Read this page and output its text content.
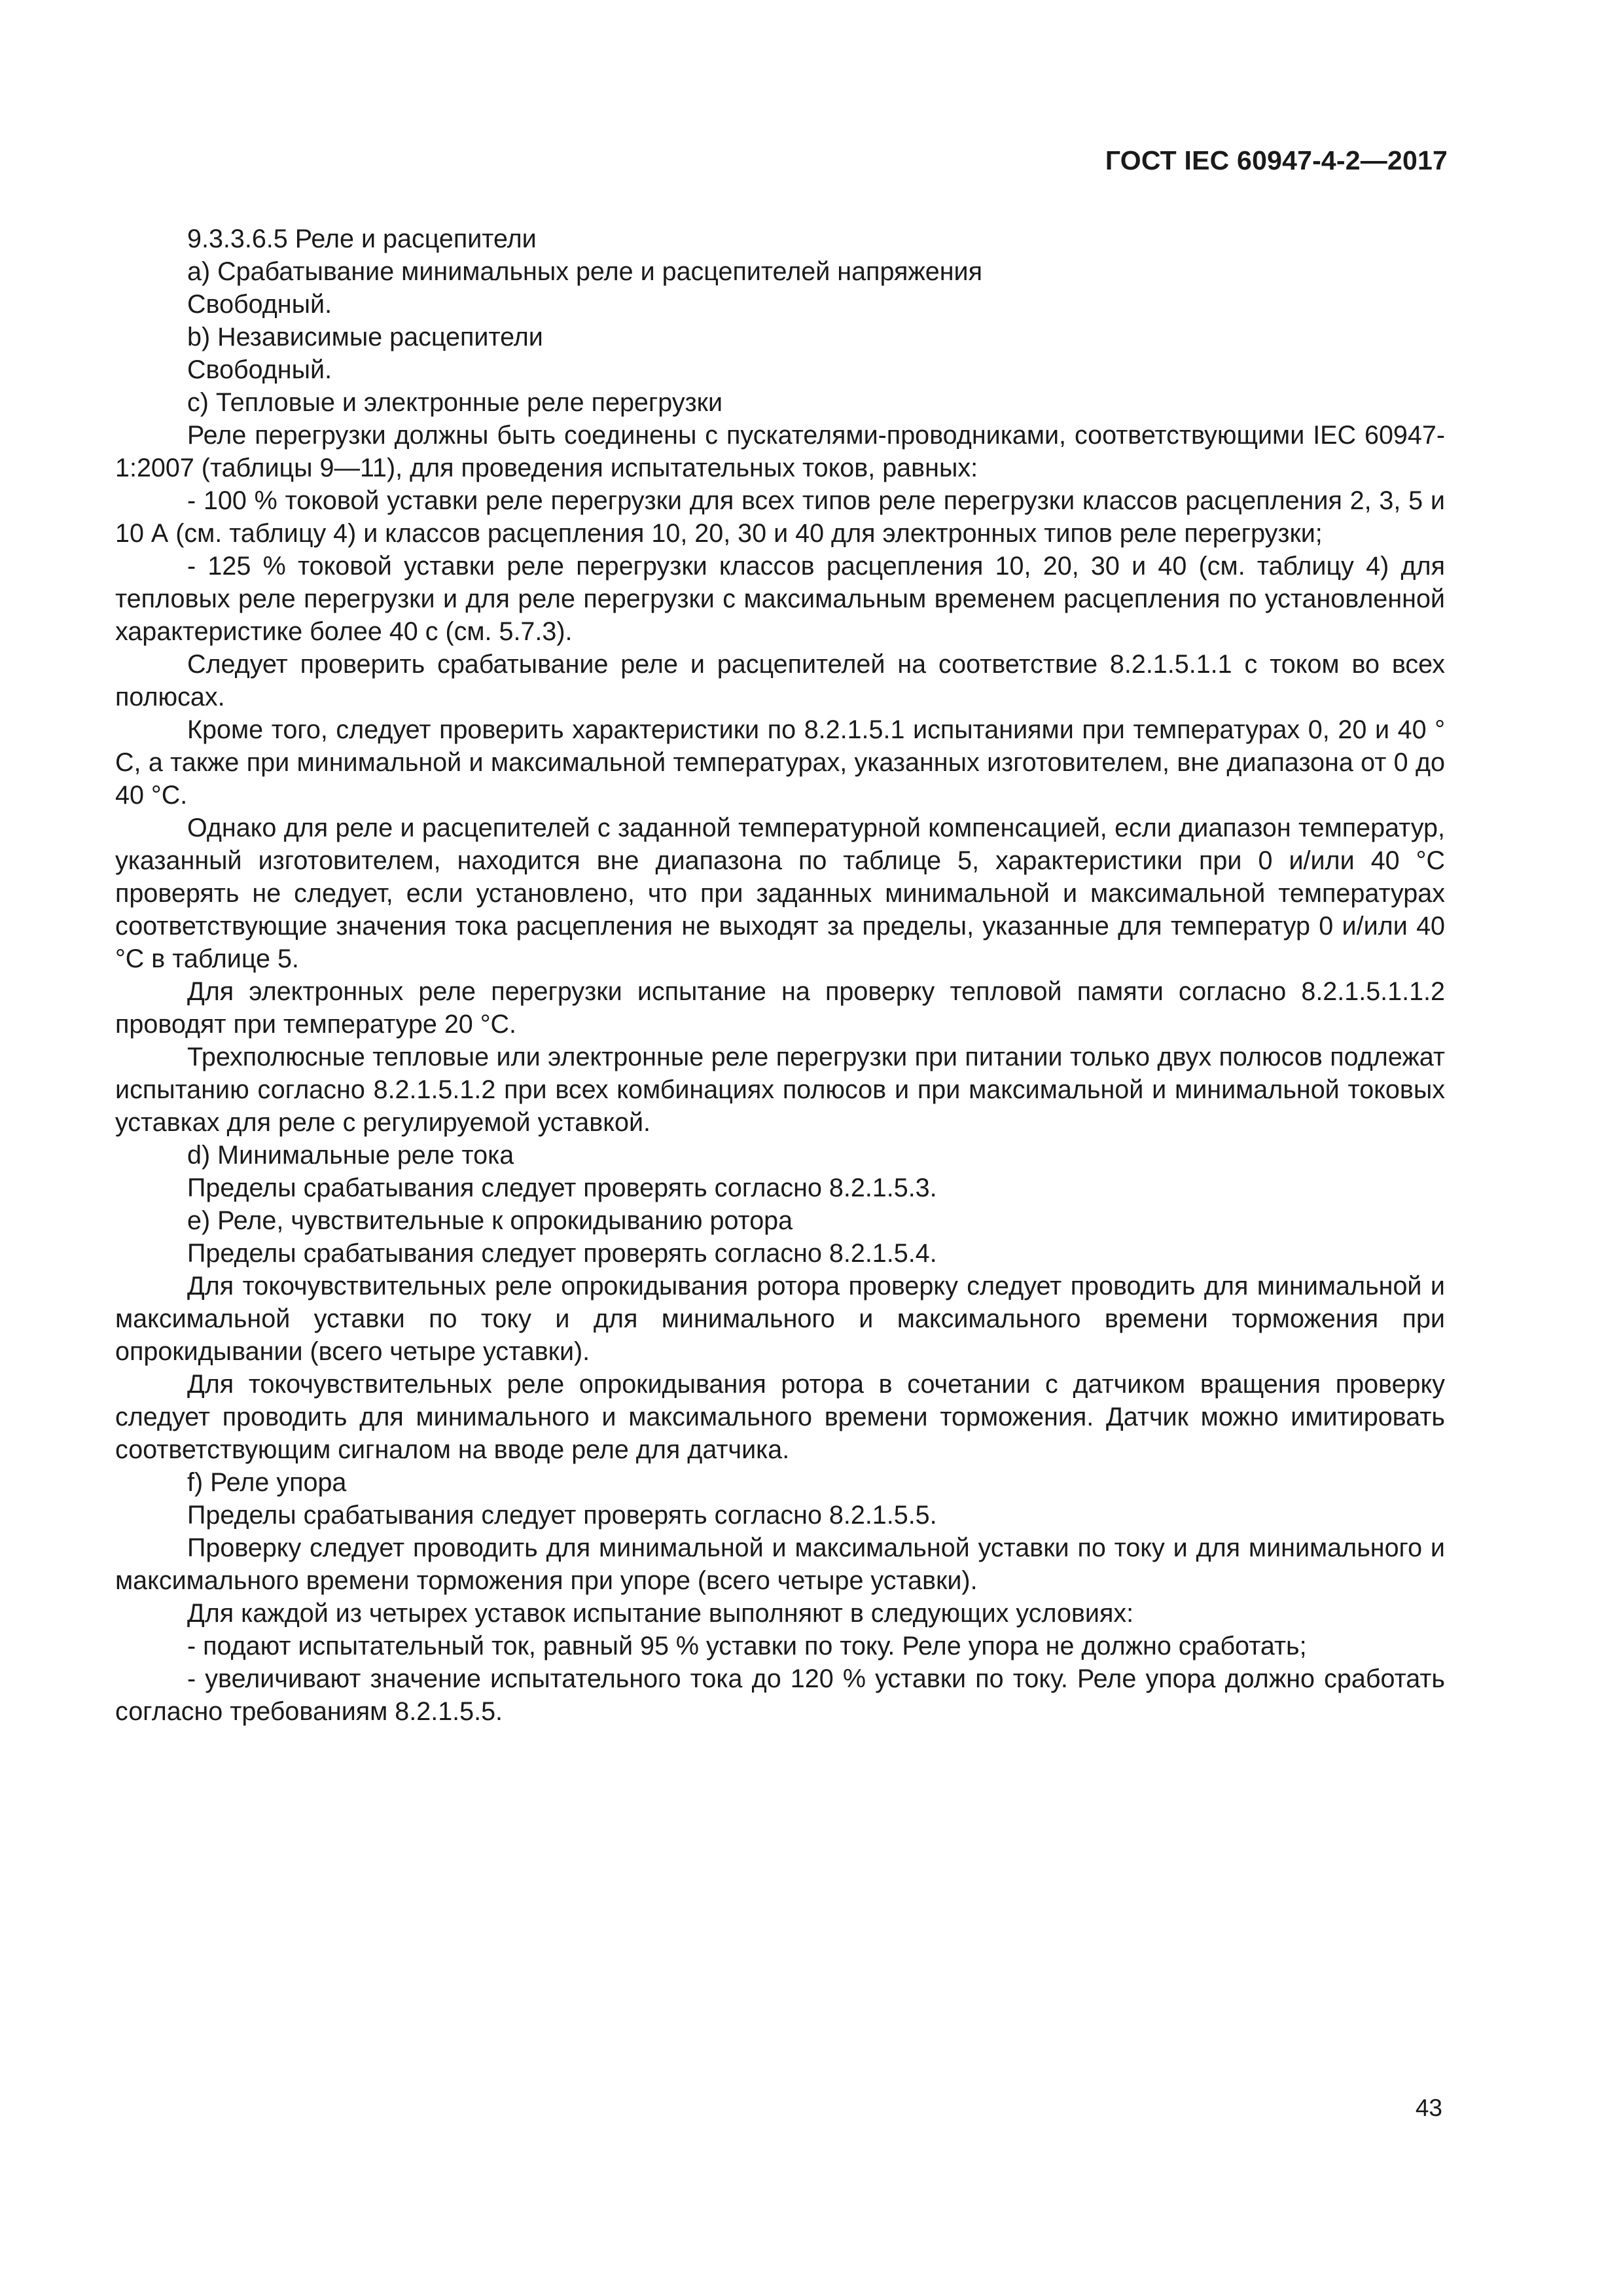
ГОСТ IEC 60947-4-2—2017

9.3.3.6.5 Реле и расцепители

а) Срабатывание минимальных реле и расцепителей напряжения

Свободный.

b) Независимые расцепители

Свободный.

с) Тепловые и электронные реле перегрузки

Реле перегрузки должны быть соединены с пускателями-проводниками, соответствующими IEC 60947-1:2007 (таблицы 9—11), для проведения испытательных токов, равных:

- 100 % токовой уставки реле перегрузки для всех типов реле перегрузки классов расцепления 2, 3, 5 и 10 А (см. таблицу 4) и классов расцепления 10, 20, 30 и 40 для электронных типов реле перегрузки;

- 125 % токовой уставки реле перегрузки классов расцепления 10, 20, 30 и 40 (см. таблицу 4) для тепловых реле перегрузки и для реле перегрузки с максимальным временем расцепления по установленной характеристике более 40 с (см. 5.7.3).

Следует проверить срабатывание реле и расцепителей на соответствие 8.2.1.5.1.1 с током во всех полюсах.

Кроме того, следует проверить характеристики по 8.2.1.5.1 испытаниями при температурах 0, 20 и 40 ° С, а также при минимальной и максимальной температурах, указанных изготовителем, вне диапазона от 0 до 40 °С.

Однако для реле и расцепителей с заданной температурной компенсацией, если диапазон температур, указанный изготовителем, находится вне диапазона по таблице 5, характеристики при 0 и/или 40 °С проверять не следует, если установлено, что при заданных минимальной и максимальной температурах соответствующие значения тока расцепления не выходят за пределы, указанные для температур 0 и/или 40 °С в таблице 5.

Для электронных реле перегрузки испытание на проверку тепловой памяти согласно 8.2.1.5.1.1.2 проводят при температуре 20 °С.

Трехполюсные тепловые или электронные реле перегрузки при питании только двух полюсов подлежат испытанию согласно 8.2.1.5.1.2 при всех комбинациях полюсов и при максимальной и минимальной токовых уставках для реле с регулируемой уставкой.

d) Минимальные реле тока

Пределы срабатывания следует проверять согласно 8.2.1.5.3.

е) Реле, чувствительные к опрокидыванию ротора

Пределы срабатывания следует проверять согласно 8.2.1.5.4.

Для токочувствительных реле опрокидывания ротора проверку следует проводить для минимальной и максимальной уставки по току и для минимального и максимального времени торможения при опрокидывании (всего четыре уставки).

Для токочувствительных реле опрокидывания ротора в сочетании с датчиком вращения проверку следует проводить для минимального и максимального времени торможения. Датчик можно имитировать соответствующим сигналом на вводе реле для датчика.

f) Реле упора

Пределы срабатывания следует проверять согласно 8.2.1.5.5.

Проверку следует проводить для минимальной и максимальной уставки по току и для минимального и максимального времени торможения при упоре (всего четыре уставки).

Для каждой из четырех уставок испытание выполняют в следующих условиях:

- подают испытательный ток, равный 95 % уставки по току. Реле упора не должно сработать;

- увеличивают значение испытательного тока до 120 % уставки по току. Реле упора должно сработать согласно требованиям 8.2.1.5.5.

43
